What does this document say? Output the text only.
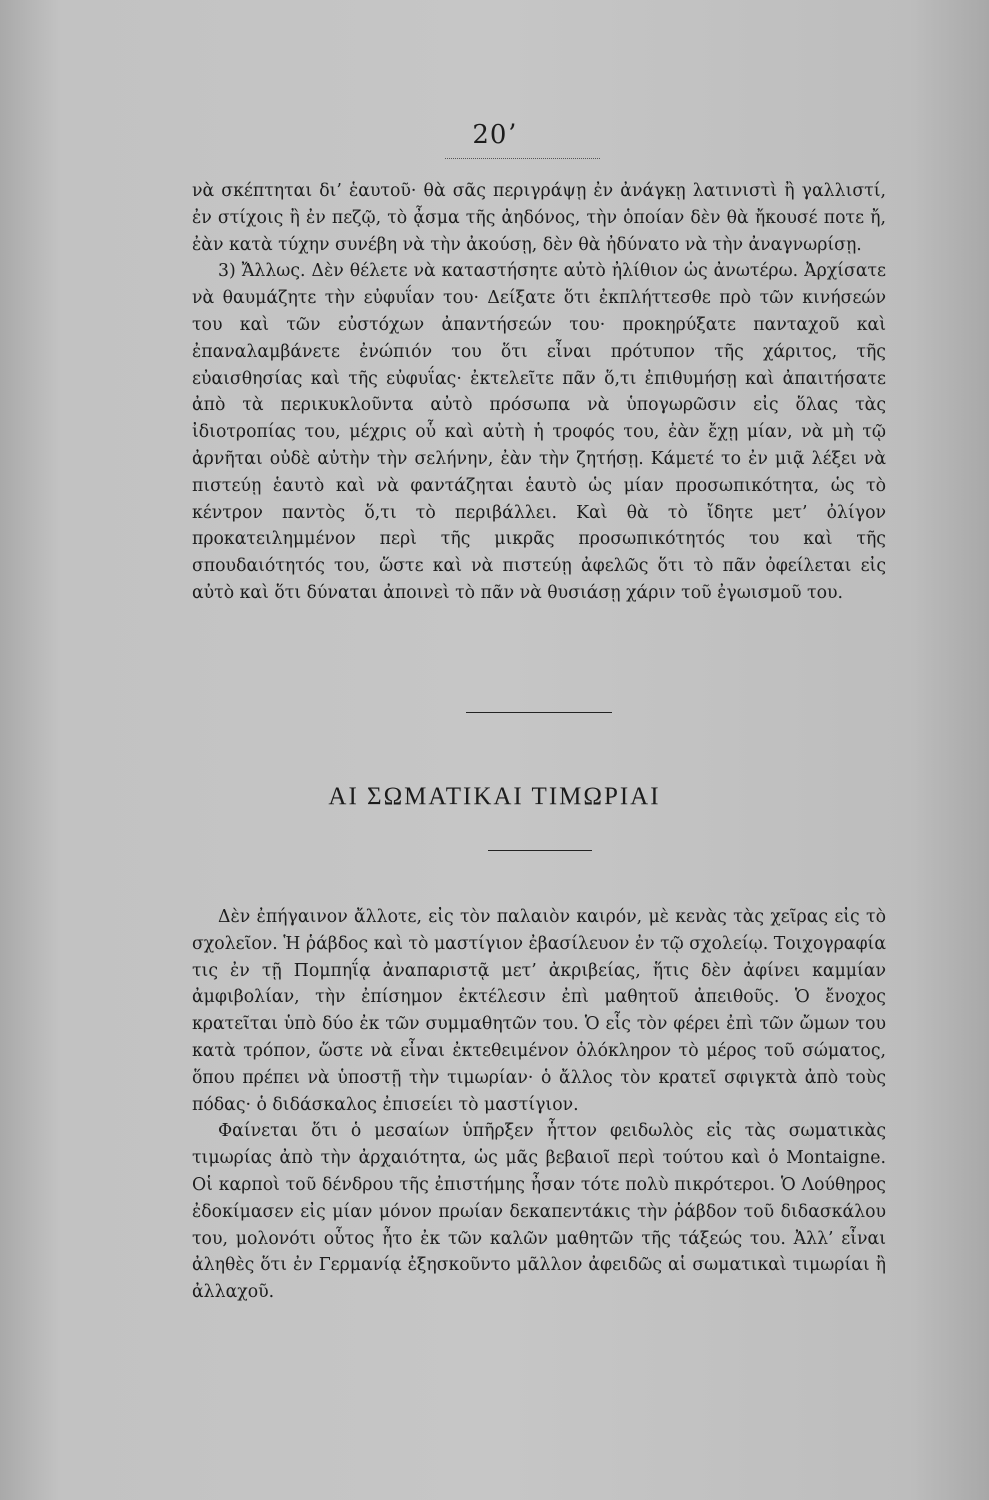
20ʼ

νὰ σκέπτηται δι’ ἑαυτοῦ· θὰ σᾶς περιγράψῃ ἐν ἀνάγκῃ λατινιστὶ ἢ γαλλιστί, ἐν στίχοις ἢ ἐν πεζῷ, τὸ ᾆσμα τῆς ἀηδόνος, τὴν ὁποίαν δὲν θὰ ἤκουσέ ποτε ἤ, ἐὰν κατὰ τύχην συνέβη νὰ τὴν ἀκούσῃ, δὲν θὰ ἠδύνατο νὰ τὴν ἀναγνωρίσῃ.

3) Ἄλλως. Δὲν θέλετε νὰ καταστήσητε αὐτὸ ἠλίθιον ὡς ἀνωτέρω. Ἀρχίσατε νὰ θαυμάζητε τὴν εὐφυΐαν του· Δείξατε ὅτι ἐκπλήττεσθε πρὸ τῶν κινήσεών του καὶ τῶν εὐστόχων ἀπαντήσεών του· προκηρύξατε πανταχοῦ καὶ ἐπαναλαμβάνετε ἐνώπιόν του ὅτι εἶναι πρότυπον τῆς χάριτος, τῆς εὐαισθησίας καὶ τῆς εὐφυΐας· ἐκτελεῖτε πᾶν ὅ,τι ἐπιθυμήσῃ καὶ ἀπαιτήσατε ἀπὸ τὰ περικυκλοῦντα αὐτὸ πρόσωπα νὰ ὑπογωρῶσιν εἰς ὅλας τὰς ἰδιοτροπίας του, μέχρις οὗ καὶ αὐτὴ ἡ τροφός του, ἐὰν ἔχῃ μίαν, νὰ μὴ τῷ ἀρνῆται οὐδὲ αὐτὴν τὴν σελήνην, ἐὰν τὴν ζητήσῃ. Κάμετέ το ἐν μιᾷ λέξει νὰ πιστεύῃ ἑαυτὸ καὶ νὰ φαντάζηται ἑαυτὸ ὡς μίαν προσωπικότητα, ὡς τὸ κέντρον παντὸς ὅ,τι τὸ περιβάλλει. Καὶ θὰ τὸ ἴδητε μετ’ ὀλίγον προκατειλημμένον περὶ τῆς μικρᾶς προσωπικότητός του καὶ τῆς σπουδαιότητός του, ὥστε καὶ νὰ πιστεύῃ ἀφελῶς ὅτι τὸ πᾶν ὀφείλεται εἰς αὐτὸ καὶ ὅτι δύναται ἀποινεὶ τὸ πᾶν νὰ θυσιάσῃ χάριν τοῦ ἐγωισμοῦ του.

ΑΙ ΣΩΜΑΤΙΚΑΙ ΤΙΜΩΡΙΑΙ

Δὲν ἐπήγαινον ἄλλοτε, εἰς τὸν παλαιὸν καιρόν, μὲ κενὰς τὰς χεῖρας εἰς τὸ σχολεῖον. Ἡ ῥάβδος καὶ τὸ μαστίγιον ἐβασίλευον ἐν τῷ σχολείῳ. Τοιχογραφία τις ἐν τῇ Πομπηΐᾳ ἀναπαριστᾷ μετ’ ἀκριβείας, ἥτις δὲν ἀφίνει καμμίαν ἀμφιβολίαν, τὴν ἐπίσημον ἐκτέλεσιν ἐπὶ μαθητοῦ ἀπειθοῦς. Ὁ ἔνοχος κρατεῖται ὑπὸ δύο ἐκ τῶν συμμαθητῶν του. Ὁ εἷς τὸν φέρει ἐπὶ τῶν ὤμων του κατὰ τρόπον, ὥστε νὰ εἶναι ἐκτεθειμένον ὁλόκληρον τὸ μέρος τοῦ σώματος, ὅπου πρέπει νὰ ὑποστῇ τὴν τιμωρίαν· ὁ ἄλλος τὸν κρατεῖ σφιγκτὰ ἀπὸ τοὺς πόδας· ὁ διδάσκαλος ἐπισείει τὸ μαστίγιον.

Φαίνεται ὅτι ὁ μεσαίων ὑπῆρξεν ἧττον φειδωλὸς εἰς τὰς σωματικὰς τιμωρίας ἀπὸ τὴν ἀρχαιότητα, ὡς μᾶς βεβαιοῖ περὶ τούτου καὶ ὁ Montaigne. Οἱ καρποὶ τοῦ δένδρου τῆς ἐπιστήμης ἦσαν τότε πολὺ πικρότεροι. Ὁ Λούθηρος ἐδοκίμασεν εἰς μίαν μόνον πρωίαν δεκαπεντάκις τὴν ῥάβδον τοῦ διδασκάλου του, μολονότι οὗτος ἦτο ἐκ τῶν καλῶν μαθητῶν τῆς τάξεώς του. Ἀλλ’ εἶναι ἀληθὲς ὅτι ἐν Γερμανίᾳ ἐξησκοῦντο μᾶλλον ἀφειδῶς αἱ σωματικαὶ τιμωρίαι ἢ ἀλλαχοῦ.
